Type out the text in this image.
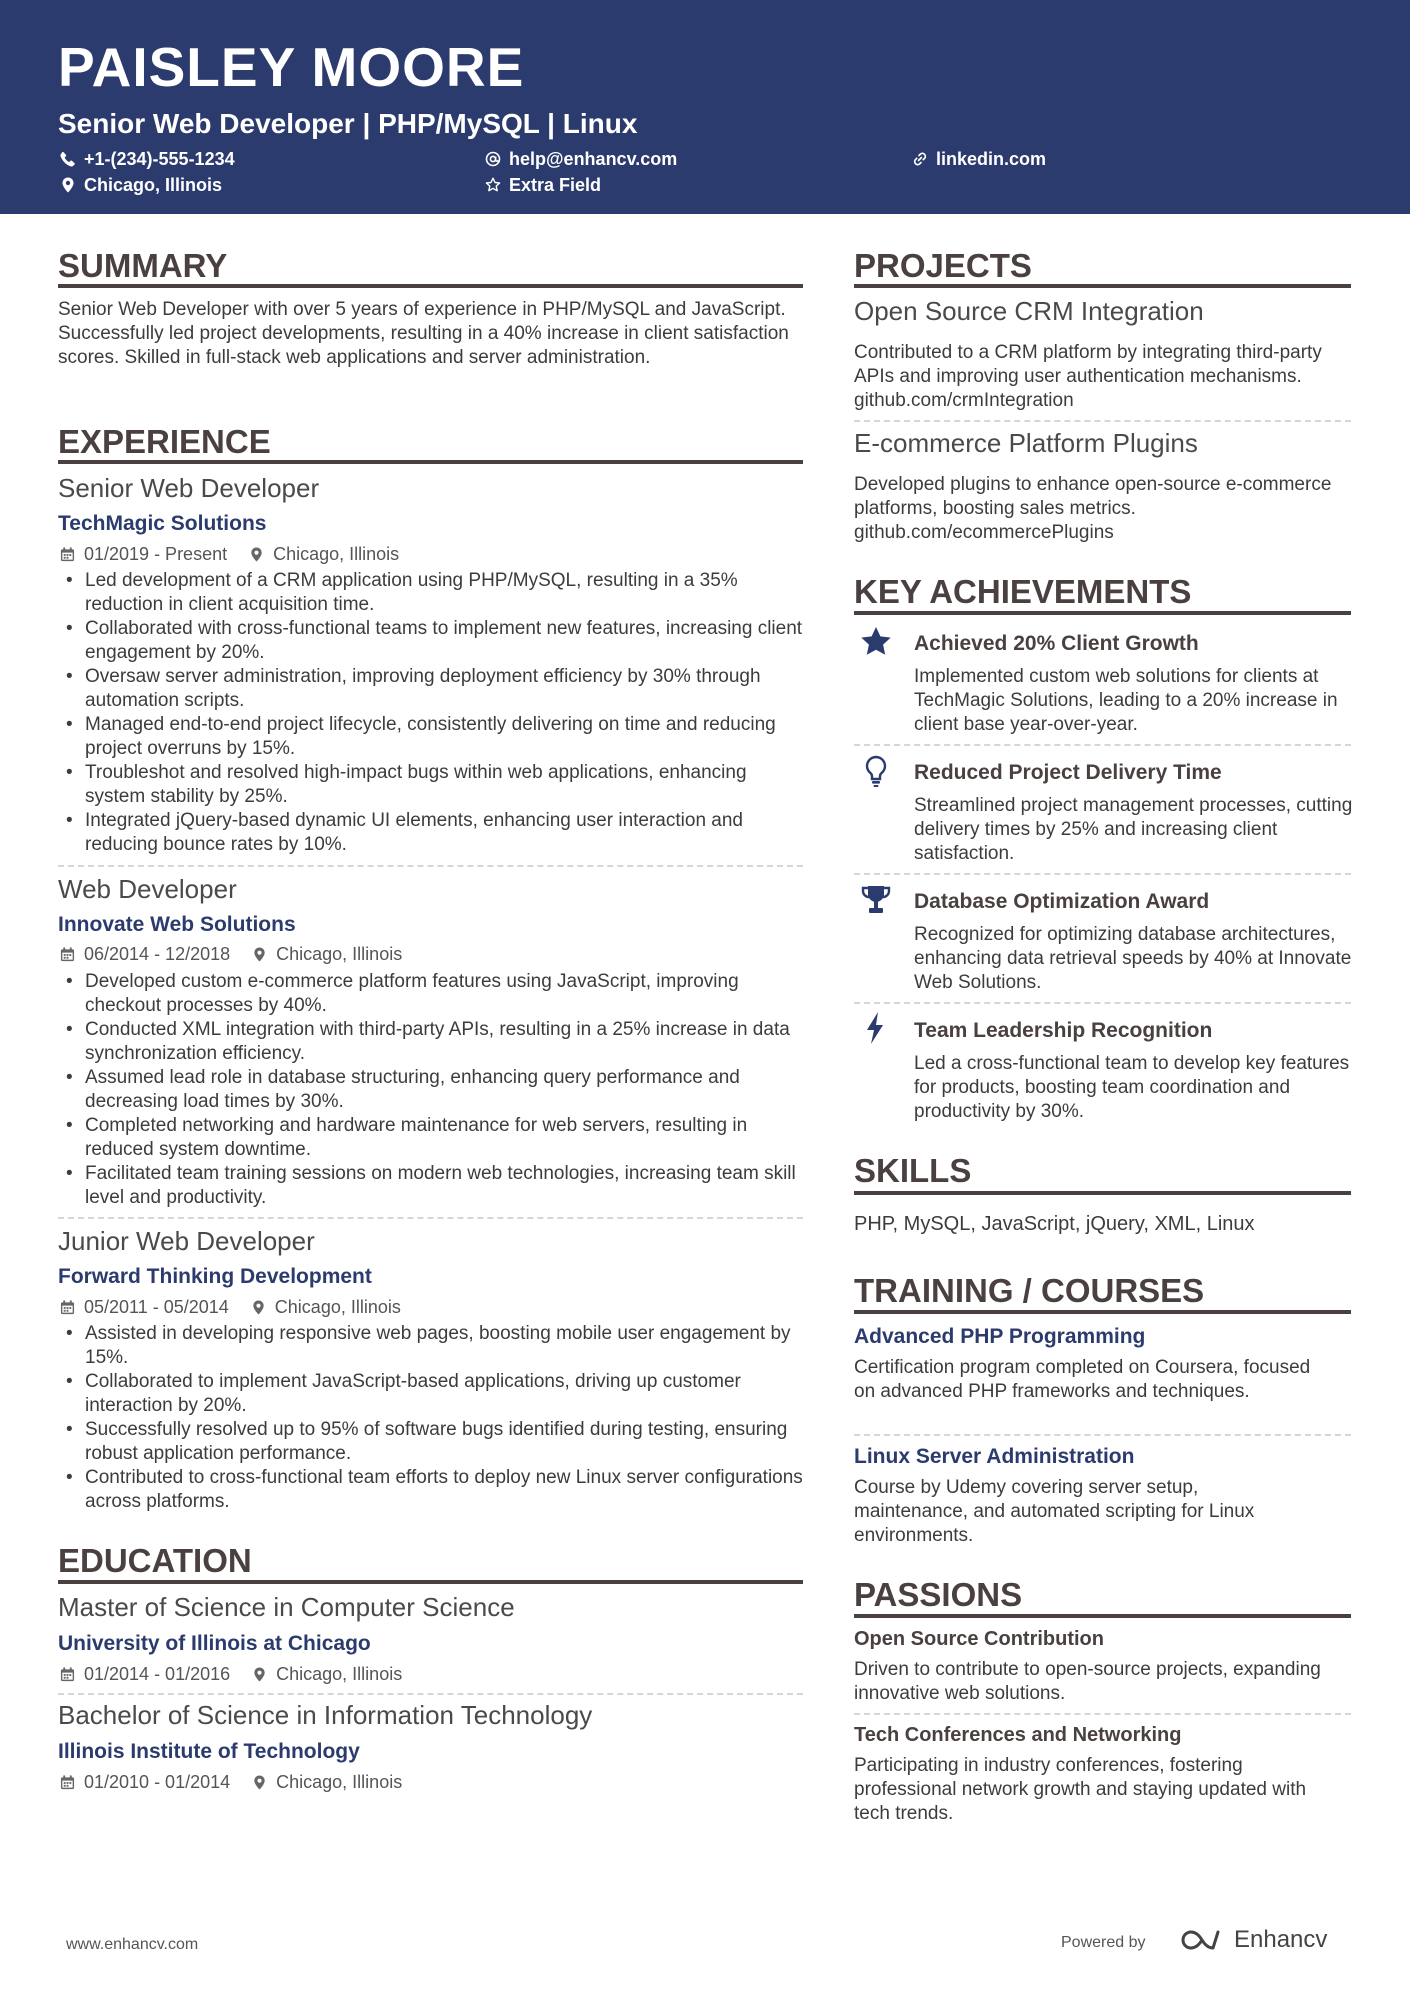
PAISLEY MOORE
Senior Web Developer | PHP/MySQL | Linux
+1-(234)-555-1234	help@enhancv.com	linkedin.com
Chicago, Illinois	Extra Field
SUMMARY
Senior Web Developer with over 5 years of experience in PHP/MySQL and JavaScript. Successfully led project developments, resulting in a 40% increase in client satisfaction scores. Skilled in full-stack web applications and server administration.
EXPERIENCE
Senior Web Developer
TechMagic Solutions
01/2019 - Present	Chicago, Illinois
• Led development of a CRM application using PHP/MySQL, resulting in a 35% reduction in client acquisition time.
• Collaborated with cross-functional teams to implement new features, increasing client engagement by 20%.
• Oversaw server administration, improving deployment efficiency by 30% through automation scripts.
• Managed end-to-end project lifecycle, consistently delivering on time and reducing project overruns by 15%.
• Troubleshot and resolved high-impact bugs within web applications, enhancing system stability by 25%.
• Integrated jQuery-based dynamic UI elements, enhancing user interaction and reducing bounce rates by 10%.
Web Developer
Innovate Web Solutions
06/2014 - 12/2018	Chicago, Illinois
• Developed custom e-commerce platform features using JavaScript, improving checkout processes by 40%.
• Conducted XML integration with third-party APIs, resulting in a 25% increase in data synchronization efficiency.
• Assumed lead role in database structuring, enhancing query performance and decreasing load times by 30%.
• Completed networking and hardware maintenance for web servers, resulting in reduced system downtime.
• Facilitated team training sessions on modern web technologies, increasing team skill level and productivity.
Junior Web Developer
Forward Thinking Development
05/2011 - 05/2014	Chicago, Illinois
• Assisted in developing responsive web pages, boosting mobile user engagement by 15%.
• Collaborated to implement JavaScript-based applications, driving up customer interaction by 20%.
• Successfully resolved up to 95% of software bugs identified during testing, ensuring robust application performance.
• Contributed to cross-functional team efforts to deploy new Linux server configurations across platforms.
EDUCATION
Master of Science in Computer Science
University of Illinois at Chicago
01/2014 - 01/2016	Chicago, Illinois
Bachelor of Science in Information Technology
Illinois Institute of Technology
01/2010 - 01/2014	Chicago, Illinois
PROJECTS
Open Source CRM Integration
Contributed to a CRM platform by integrating third-party APIs and improving user authentication mechanisms. github.com/crmIntegration
E-commerce Platform Plugins
Developed plugins to enhance open-source e-commerce platforms, boosting sales metrics. github.com/ecommercePlugins
KEY ACHIEVEMENTS
Achieved 20% Client Growth
Implemented custom web solutions for clients at TechMagic Solutions, leading to a 20% increase in client base year-over-year.
Reduced Project Delivery Time
Streamlined project management processes, cutting delivery times by 25% and increasing client satisfaction.
Database Optimization Award
Recognized for optimizing database architectures, enhancing data retrieval speeds by 40% at Innovate Web Solutions.
Team Leadership Recognition
Led a cross-functional team to develop key features for products, boosting team coordination and productivity by 30%.
SKILLS
PHP, MySQL, JavaScript, jQuery, XML, Linux
TRAINING / COURSES
Advanced PHP Programming
Certification program completed on Coursera, focused on advanced PHP frameworks and techniques.
Linux Server Administration
Course by Udemy covering server setup, maintenance, and automated scripting for Linux environments.
PASSIONS
Open Source Contribution
Driven to contribute to open-source projects, expanding innovative web solutions.
Tech Conferences and Networking
Participating in industry conferences, fostering professional network growth and staying updated with tech trends.
www.enhancv.com	Powered by	Enhancv
